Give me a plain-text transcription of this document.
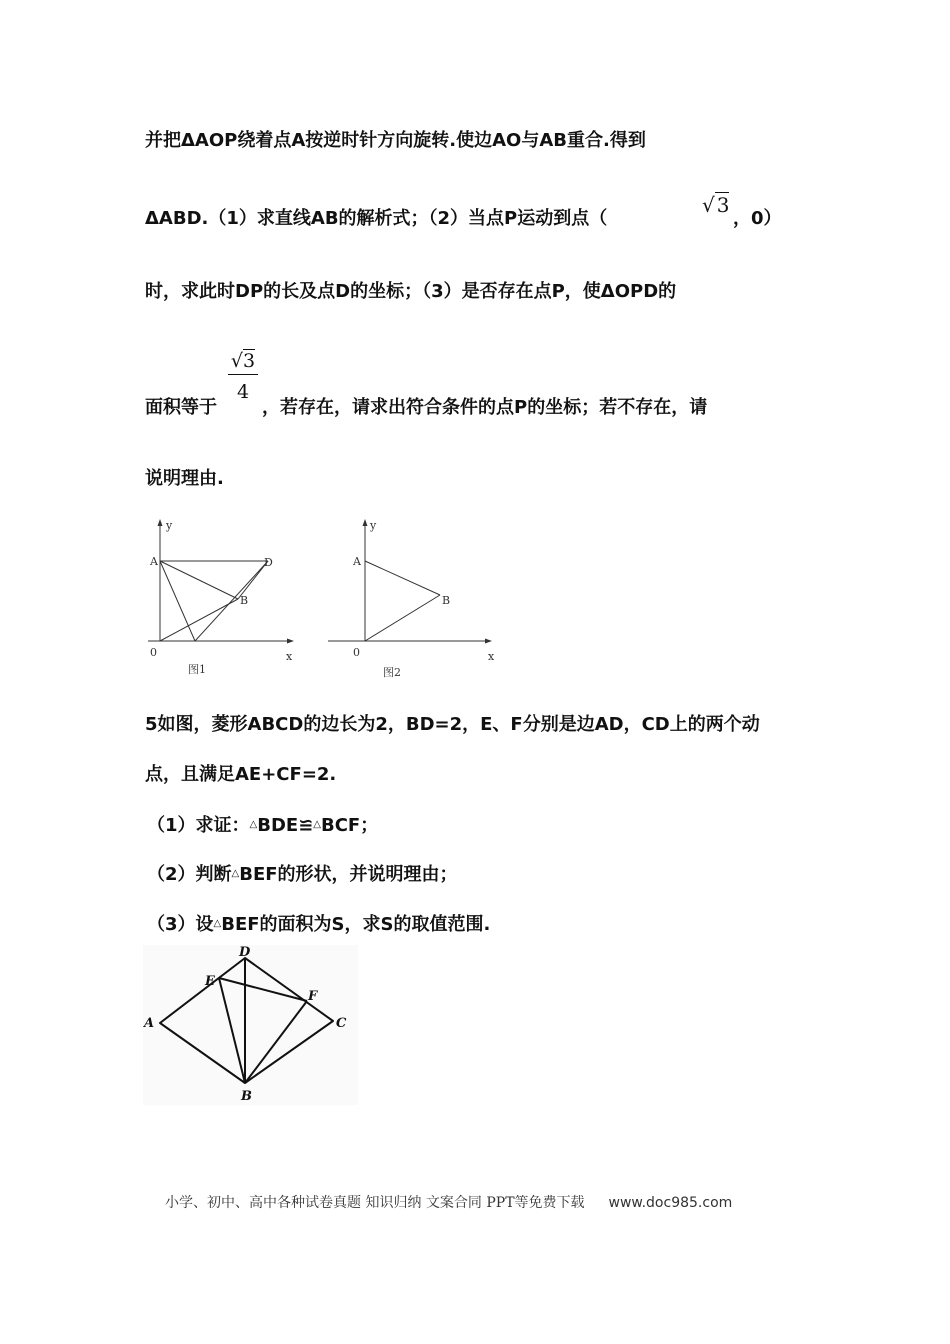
并把ΔAOP绕着点A按逆时针方向旋转.使边AO与AB重合.得到
ΔABD.（1）求直线AB的解析式；（2）当点P运动到点（
√ 3
，0）
时，求此时DP的长及点D的坐标；（3）是否存在点P，使ΔOPD的
$\frac{√3}{4}$
面积等于	，若存在，请求出符合条件的点P的坐标；若不存在，请
说明理由.
y
A	D
B
0	x
图1
y
A
B
0	x
图2
5如图，菱形ABCD的边长为2，BD=2，E、F分别是边AD，CD上的两个动
点，且满足AE+CF=2.
（1）求证：△BDE≌△BCF；
（2）判断△BEF的形状，并说明理由；
（3）设△BEF的面积为S，求S的取值范围.
A
D
E
F
C
B
小学、初中、高中各种试卷真题 知识归纳 文案合同 PPT等免费下载 www.doc985.com
